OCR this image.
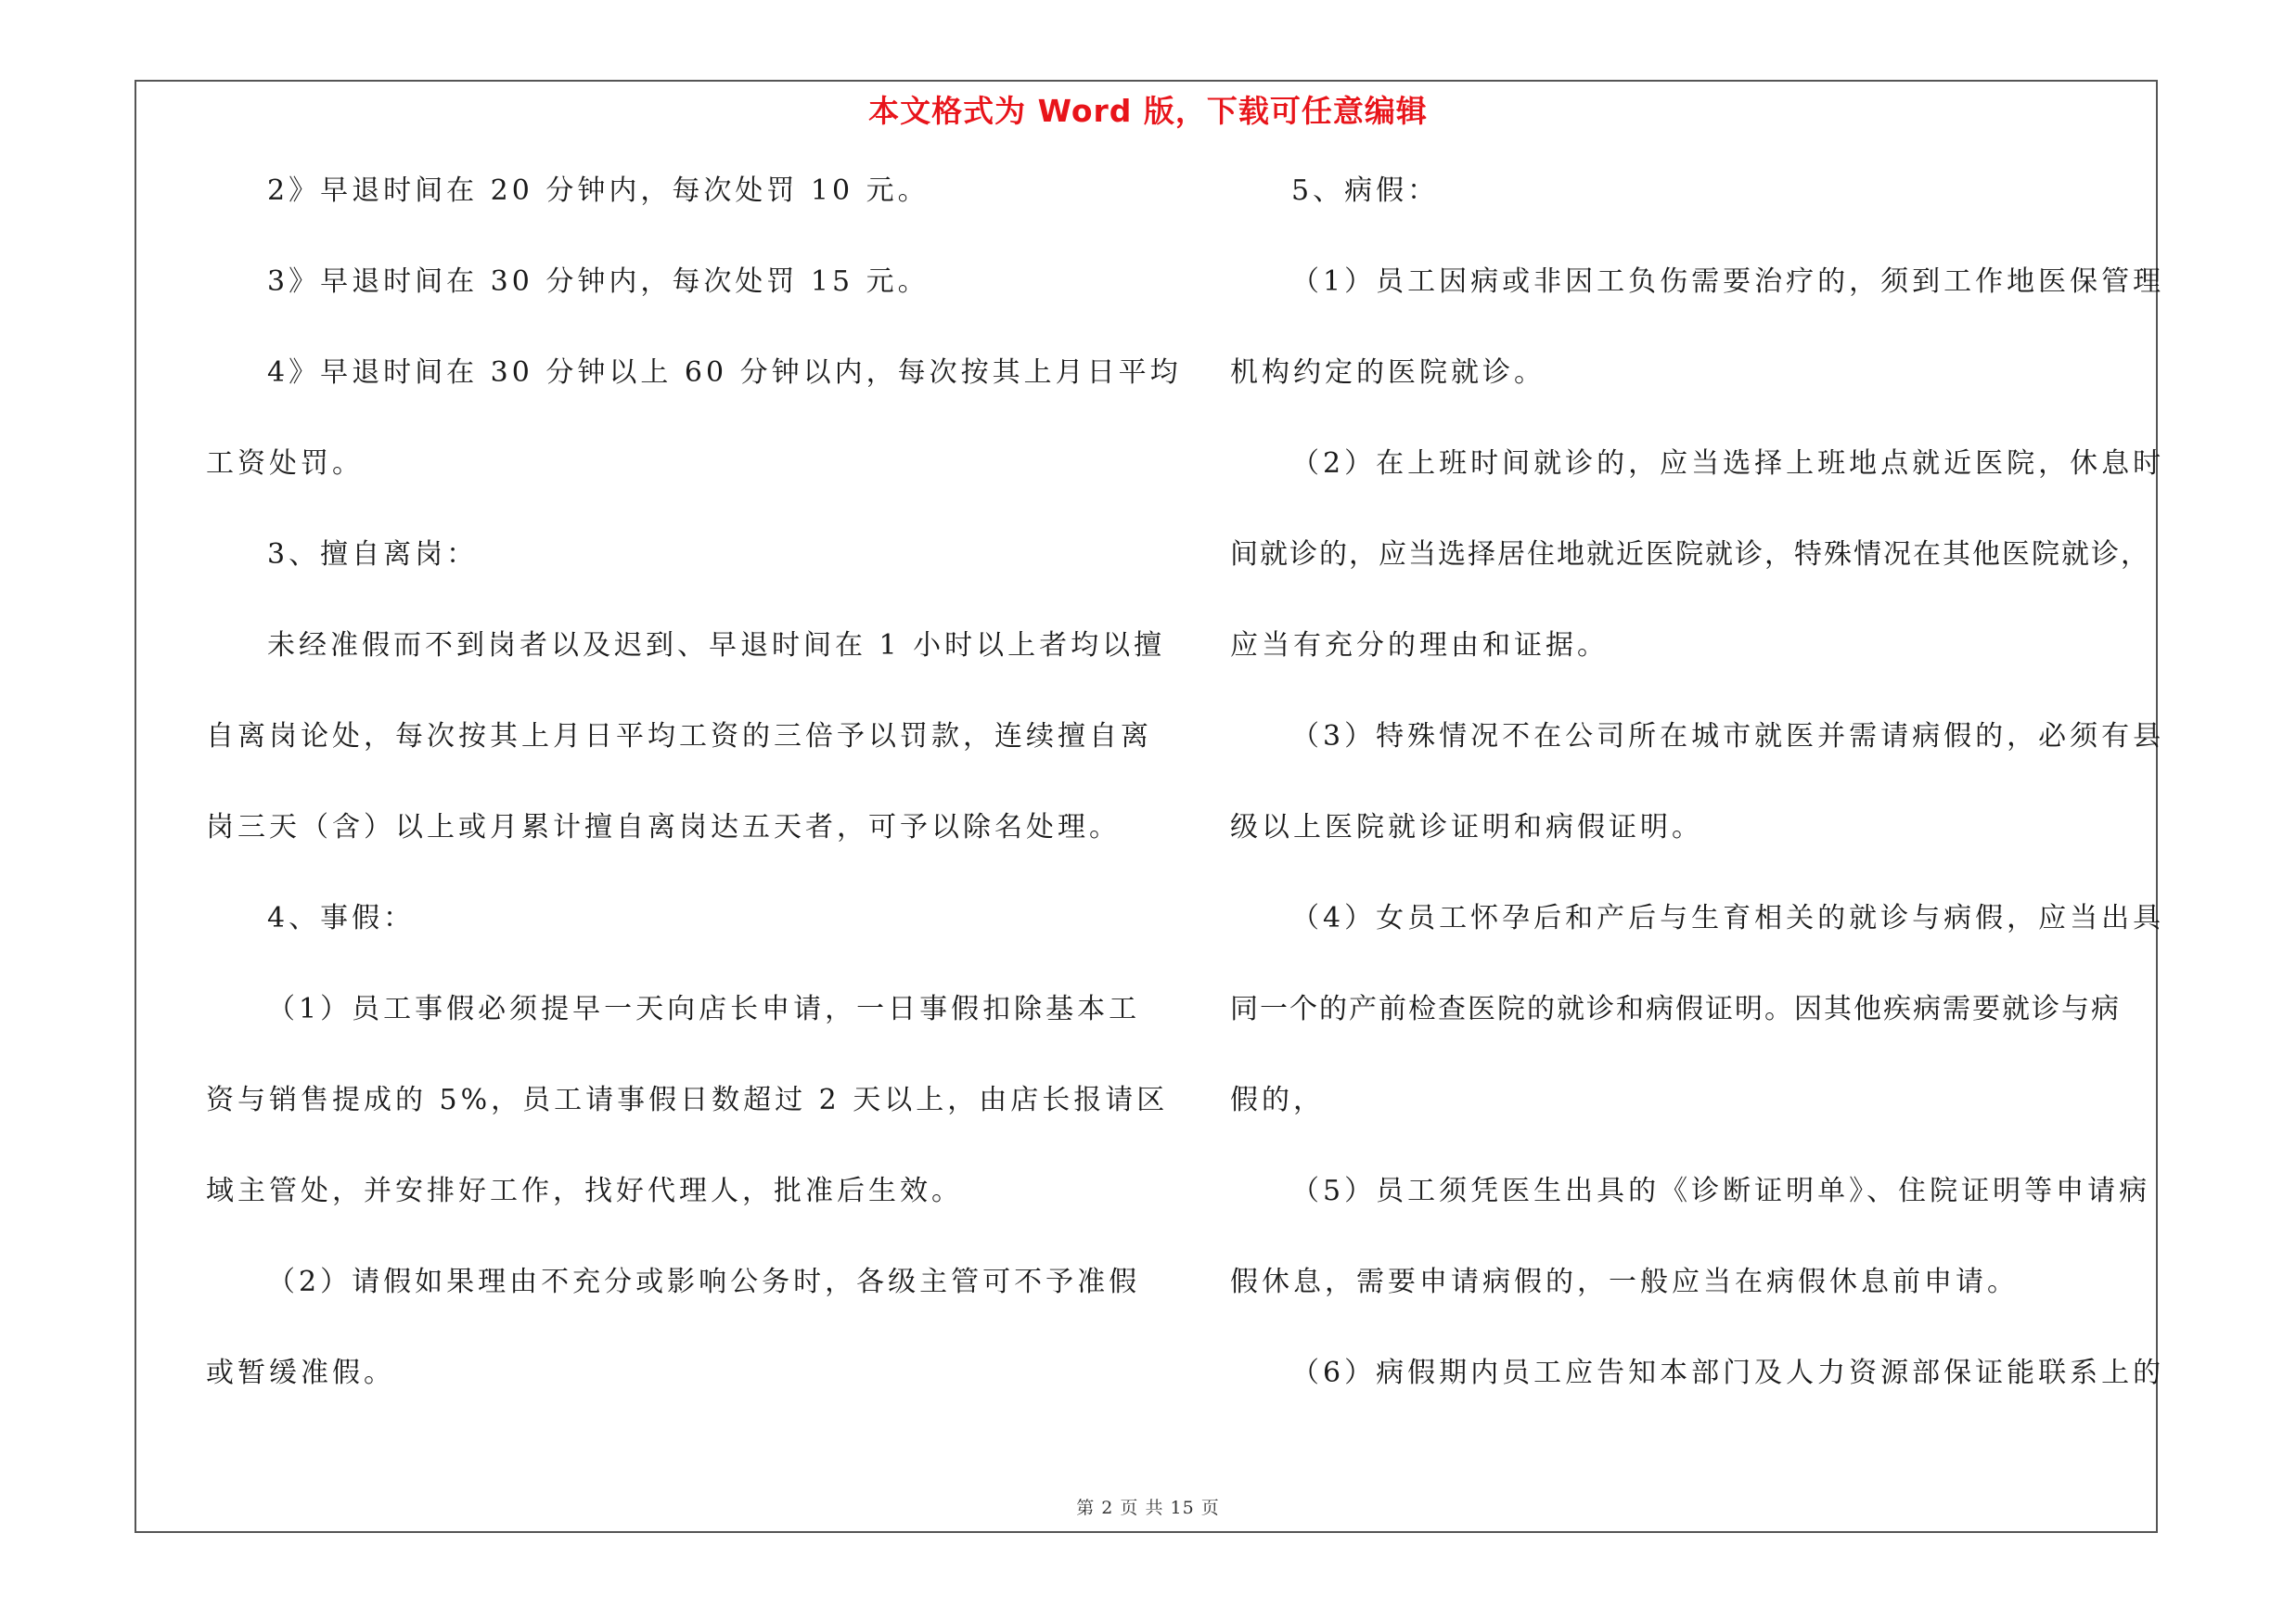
本文格式为 Word 版，下载可任意编辑
2》早退时间在 20 分钟内，每次处罚 10 元。
3》早退时间在 30 分钟内，每次处罚 15 元。
4》早退时间在 30 分钟以上 60 分钟以内，每次按其上月日平均
工资处罚。
3、擅自离岗：
未经准假而不到岗者以及迟到、早退时间在 1 小时以上者均以擅
自离岗论处，每次按其上月日平均工资的三倍予以罚款，连续擅自离
岗三天（含）以上或月累计擅自离岗达五天者，可予以除名处理。
4、事假：
（1）员工事假必须提早一天向店长申请，一日事假扣除基本工
资与销售提成的 5%，员工请事假日数超过 2 天以上，由店长报请区
域主管处，并安排好工作，找好代理人，批准后生效。
（2）请假如果理由不充分或影响公务时，各级主管可不予准假
或暂缓准假。
5、病假：
（1）员工因病或非因工负伤需要治疗的，须到工作地医保管理
机构约定的医院就诊。
（2）在上班时间就诊的，应当选择上班地点就近医院，休息时
间就诊的，应当选择居住地就近医院就诊，特殊情况在其他医院就诊，
应当有充分的理由和证据。
（3）特殊情况不在公司所在城市就医并需请病假的，必须有县
级以上医院就诊证明和病假证明。
（4）女员工怀孕后和产后与生育相关的就诊与病假，应当出具
同一个的产前检查医院的就诊和病假证明。因其他疾病需要就诊与病
假的，
（5）员工须凭医生出具的《诊断证明单》、住院证明等申请病
假休息，需要申请病假的，一般应当在病假休息前申请。
（6）病假期内员工应告知本部门及人力资源部保证能联系上的
第 2 页 共 15 页
